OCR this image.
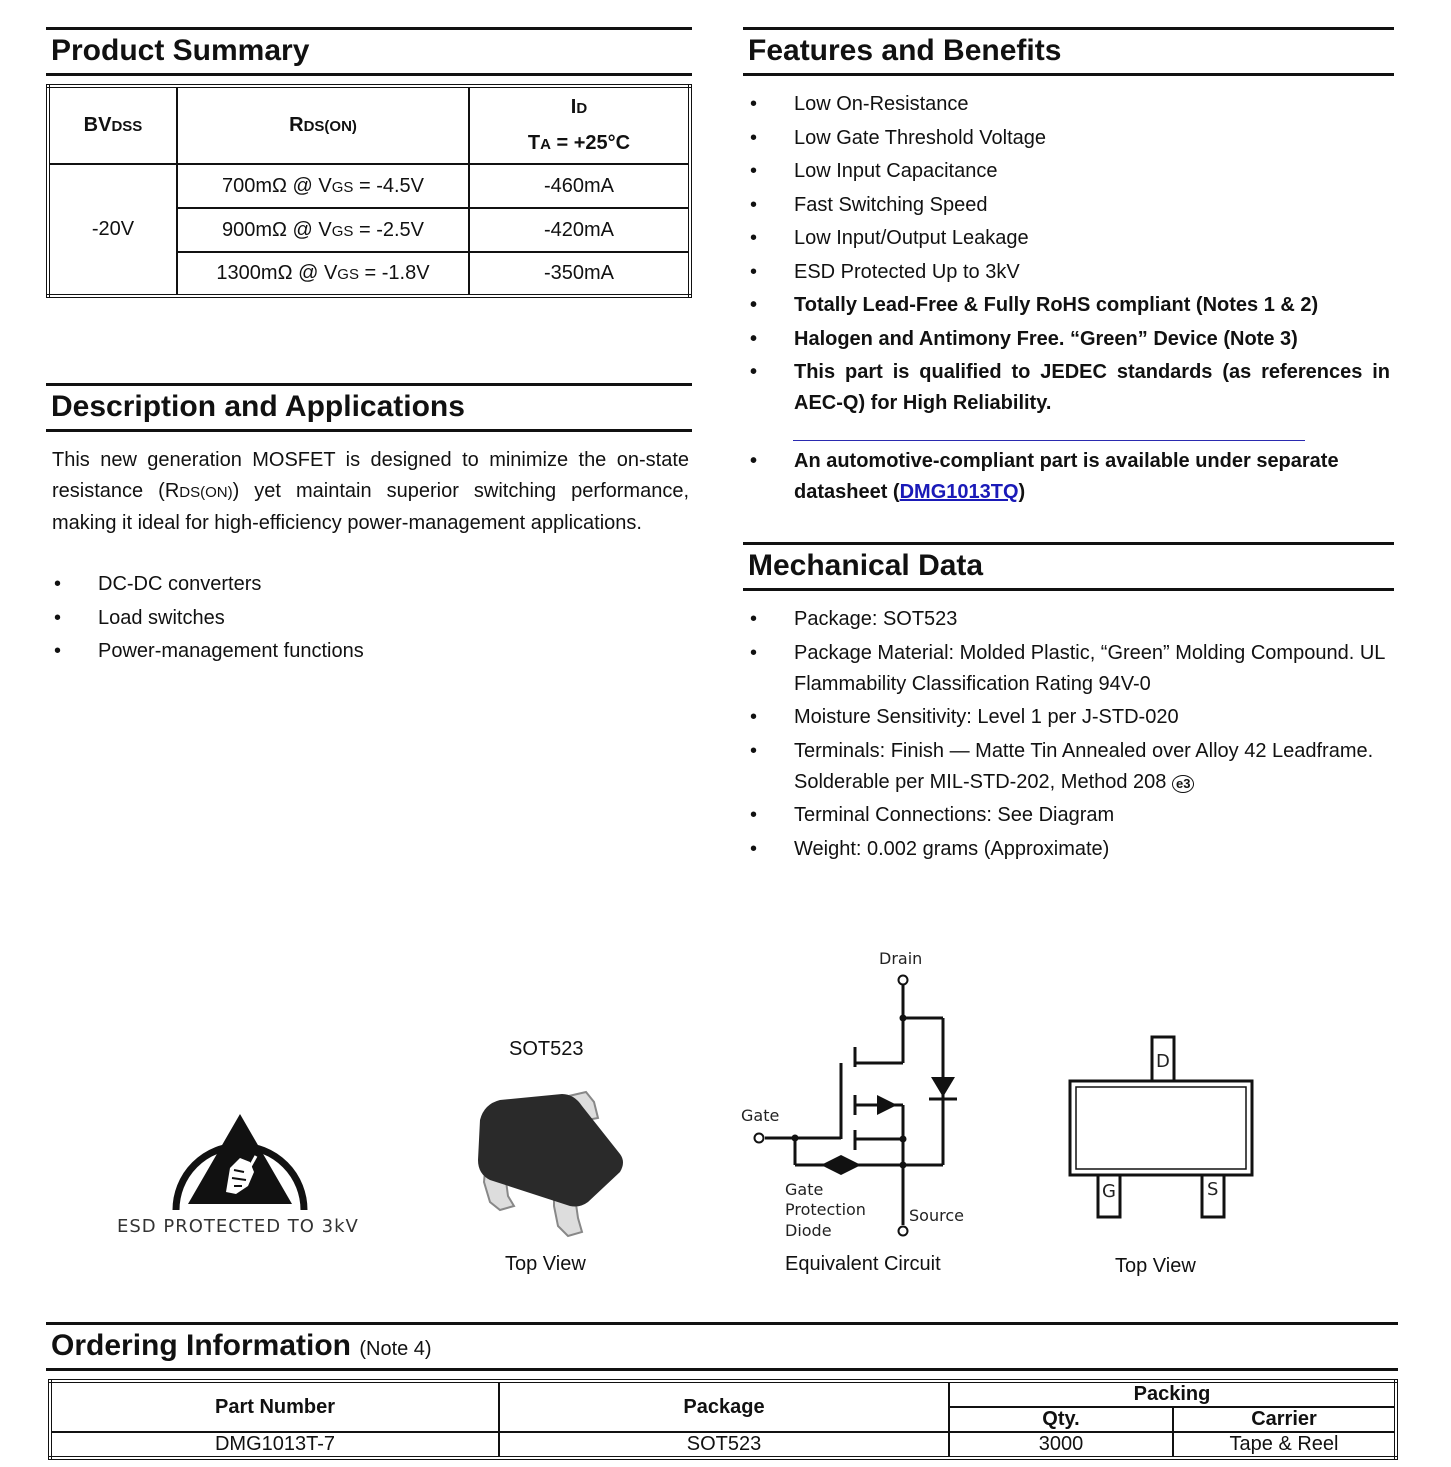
Product Summary
BVDSS	RDS(ON)	ID
TA = +25°C
-20V	700mΩ @ VGS = -4.5V	-460mA
	900mΩ @ VGS = -2.5V	-420mA
	1300mΩ @ VGS = -1.8V	-350mA
Description and Applications
This new generation MOSFET is designed to minimize the on-state resistance (RDS(ON)) yet maintain superior switching performance, making it ideal for high-efficiency power-management applications.
• DC-DC converters
• Load switches
• Power-management functions
Features and Benefits
• Low On-Resistance
• Low Gate Threshold Voltage
• Low Input Capacitance
• Fast Switching Speed
• Low Input/Output Leakage
• ESD Protected Up to 3kV
• Totally Lead-Free & Fully RoHS compliant (Notes 1 & 2)
• Halogen and Antimony Free. “Green” Device (Note 3)
• This part is qualified to JEDEC standards (as references in AEC-Q) for High Reliability.
• An automotive-compliant part is available under separate datasheet (DMG1013TQ)
Mechanical Data
• Package: SOT523
• Package Material: Molded Plastic, “Green” Molding Compound. UL Flammability Classification Rating 94V-0
• Moisture Sensitivity: Level 1 per J-STD-020
• Terminals: Finish — Matte Tin Annealed over Alloy 42 Leadframe. Solderable per MIL-STD-202, Method 208 e3
• Terminal Connections: See Diagram
• Weight: 0.002 grams (Approximate)
ESD PROTECTED TO 3kV
SOT523
Top View
Drain
Gate
Source
Gate
Protection
Diode
Equivalent Circuit
D
G	S
Top View
Ordering Information (Note 4)
Part Number	Package	Packing	
		Qty.	Carrier
DMG1013T-7	SOT523	3000	Tape & Reel
